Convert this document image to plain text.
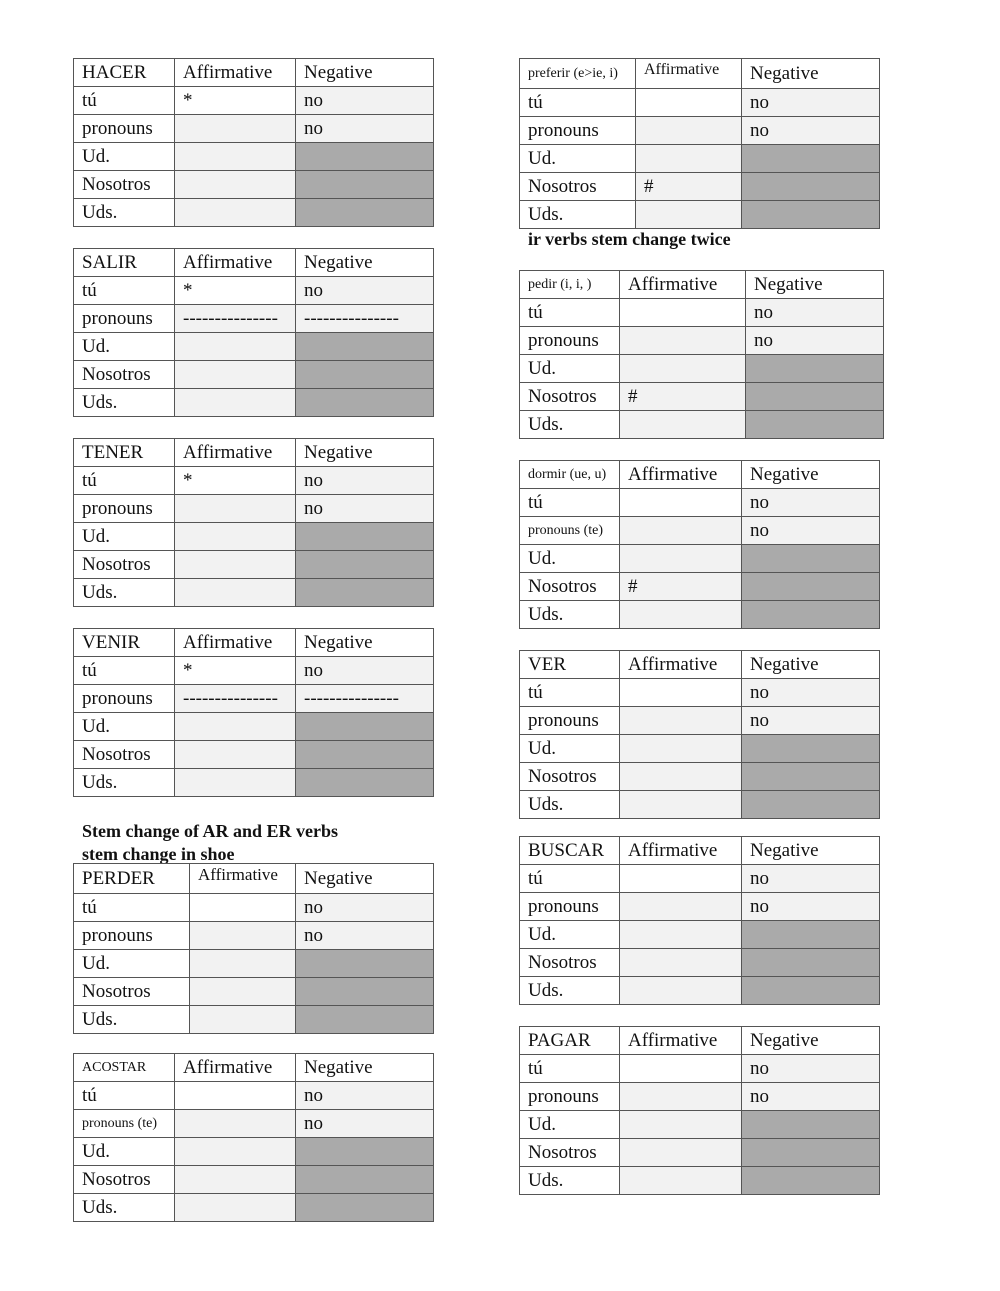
ir verbs stem change twice
Stem change of AR and ER verbs
stem change in shoe
HACER	Affirmative	Negative
tú	*	no
pronouns		no
Ud.		
Nosotros		
Uds.		
SALIR	Affirmative	Negative
tú	*	no
pronouns	---------------	---------------
Ud.		
Nosotros		
Uds.		
TENER	Affirmative	Negative
tú	*	no
pronouns		no
Ud.		
Nosotros		
Uds.		
VENIR	Affirmative	Negative
tú	*	no
pronouns	---------------	---------------
Ud.		
Nosotros		
Uds.		
PERDER	Affirmative	Negative
tú		no
pronouns		no
Ud.		
Nosotros		
Uds.		
ACOSTAR	Affirmative	Negative
tú		no
pronouns (te)		no
Ud.		
Nosotros		
Uds.		
preferir (e>ie, i)	Affirmative	Negative
tú		no
pronouns		no
Ud.		
Nosotros	#	
Uds.		
pedir (i, i, )	Affirmative	Negative
tú		no
pronouns		no
Ud.		
Nosotros	#	
Uds.		
dormir (ue, u)	Affirmative	Negative
tú		no
pronouns (te)		no
Ud.		
Nosotros	#	
Uds.		
VER	Affirmative	Negative
tú		no
pronouns		no
Ud.		
Nosotros		
Uds.		
BUSCAR	Affirmative	Negative
tú		no
pronouns		no
Ud.		
Nosotros		
Uds.		
PAGAR	Affirmative	Negative
tú		no
pronouns		no
Ud.		
Nosotros		
Uds.		
